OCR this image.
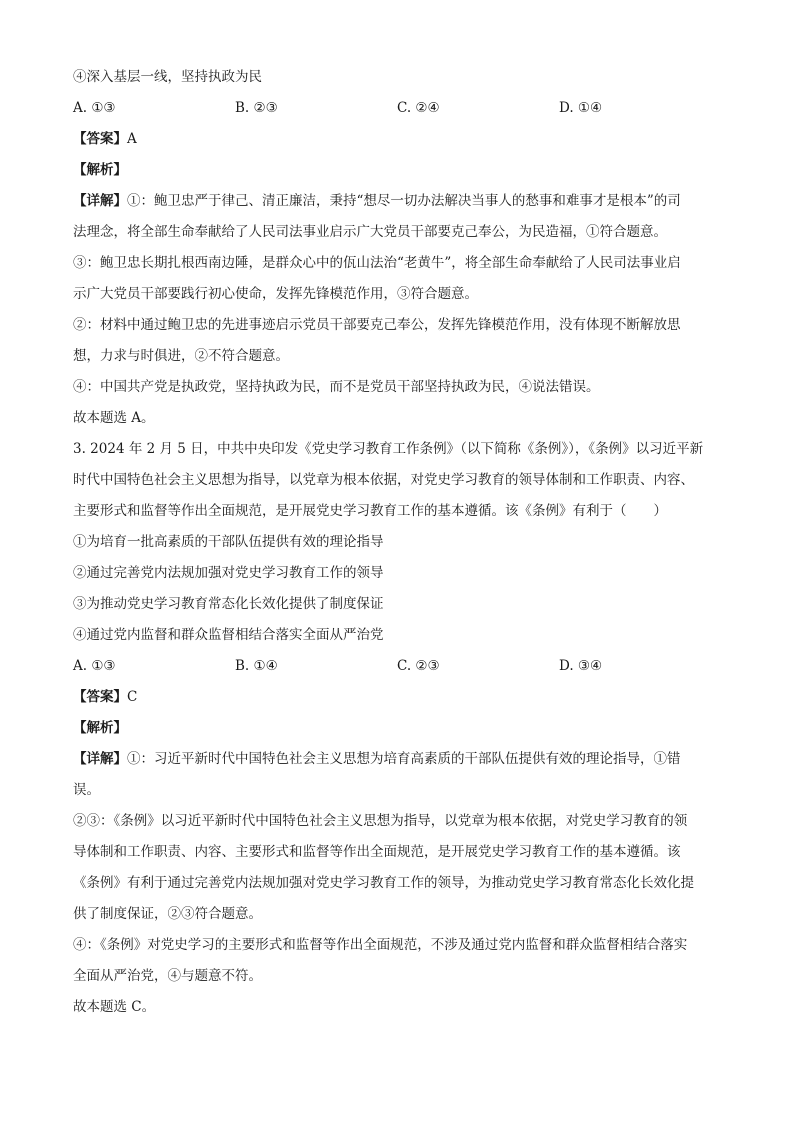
④深入基层一线，坚持执政为民
A. ①③	B. ②③	C. ②④	D. ①④
【答案】A
【解析】
【详解】①：鲍卫忠严于律己、清正廉洁，秉持“想尽一切办法解决当事人的愁事和难事才是根本”的司
法理念，将全部生命奉献给了人民司法事业启示广大党员干部要克己奉公，为民造福，①符合题意。
③：鲍卫忠长期扎根西南边陲，是群众心中的佤山法治“老黄牛”，将全部生命奉献给了人民司法事业启
示广大党员干部要践行初心使命，发挥先锋模范作用，③符合题意。
②：材料中通过鲍卫忠的先进事迹启示党员干部要克己奉公，发挥先锋模范作用，没有体现不断解放思
想，力求与时俱进，②不符合题意。
④：中国共产党是执政党，坚持执政为民，而不是党员干部坚持执政为民，④说法错误。
故本题选 A。
3. 2024 年 2 月 5 日，中共中央印发《党史学习教育工作条例》（以下简称《条例》），《条例》以习近平新
时代中国特色社会主义思想为指导，以党章为根本依据，对党史学习教育的领导体制和工作职责、内容、
主要形式和监督等作出全面规范，是开展党史学习教育工作的基本遵循。该《条例》有利于（　　）
①为培育一批高素质的干部队伍提供有效的理论指导
②通过完善党内法规加强对党史学习教育工作的领导
③为推动党史学习教育常态化长效化提供了制度保证
④通过党内监督和群众监督相结合落实全面从严治党
A. ①③	B. ①④	C. ②③	D. ③④
【答案】C
【解析】
【详解】①：习近平新时代中国特色社会主义思想为培育高素质的干部队伍提供有效的理论指导，①错
误。
②③：《条例》以习近平新时代中国特色社会主义思想为指导，以党章为根本依据，对党史学习教育的领
导体制和工作职责、内容、主要形式和监督等作出全面规范，是开展党史学习教育工作的基本遵循。该
《条例》有利于通过完善党内法规加强对党史学习教育工作的领导，为推动党史学习教育常态化长效化提
供了制度保证，②③符合题意。
④：《条例》对党史学习的主要形式和监督等作出全面规范，不涉及通过党内监督和群众监督相结合落实
全面从严治党，④与题意不符。
故本题选 C。
